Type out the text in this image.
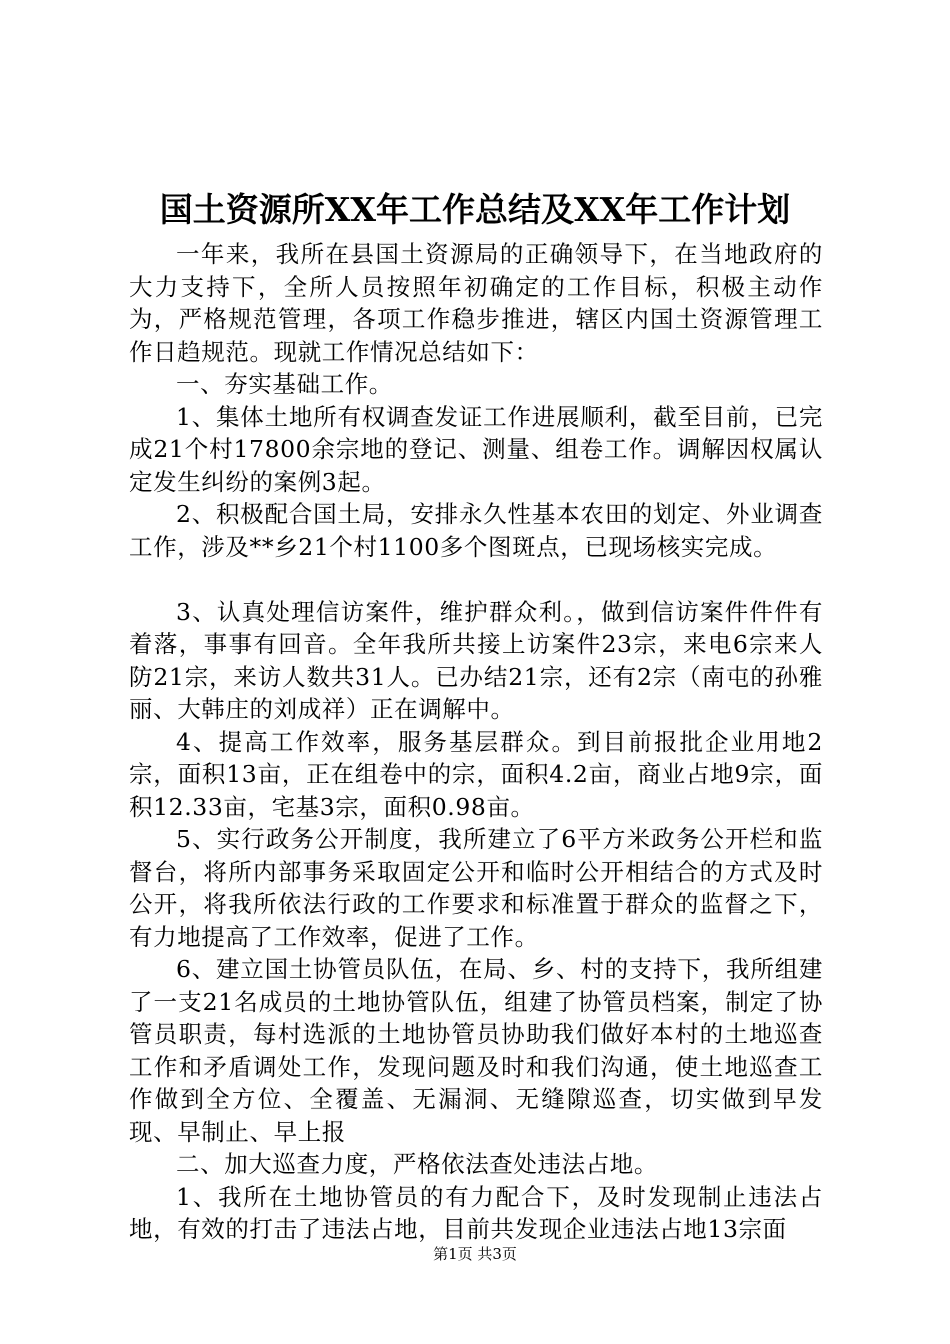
国土资源所XX年工作总结及XX年工作计划

一年来，我所在县国土资源局的正确领导下，在当地政府的大力支持下，全所人员按照年初确定的工作目标，积极主动作为，严格规范管理，各项工作稳步推进，辖区内国土资源管理工作日趋规范。现就工作情况总结如下：

一、夯实基础工作。

1、集体土地所有权调查发证工作进展顺利，截至目前，已完成21个村17800余宗地的登记、测量、组卷工作。调解因权属认定发生纠纷的案例3起。

2、积极配合国土局，安排永久性基本农田的划定、外业调查工作，涉及**乡21个村1100多个图斑点，已现场核实完成。

3、认真处理信访案件，维护群众利。，做到信访案件件件有着落，事事有回音。全年我所共接上访案件23宗，来电6宗来人防21宗，来访人数共31人。已办结21宗，还有2宗（南屯的孙雅丽、大韩庄的刘成祥）正在调解中。

4、提高工作效率，服务基层群众。到目前报批企业用地2宗，面积13亩，正在组卷中的宗，面积4.2亩，商业占地9宗，面积12.33亩，宅基3宗，面积0.98亩。

5、实行政务公开制度，我所建立了6平方米政务公开栏和监督台，将所内部事务采取固定公开和临时公开相结合的方式及时公开，将我所依法行政的工作要求和标准置于群众的监督之下，有力地提高了工作效率，促进了工作。

6、建立国土协管员队伍，在局、乡、村的支持下，我所组建了一支21名成员的土地协管队伍，组建了协管员档案，制定了协管员职责，每村选派的土地协管员协助我们做好本村的土地巡查工作和矛盾调处工作，发现问题及时和我们沟通，使土地巡查工作做到全方位、全覆盖、无漏洞、无缝隙巡查，切实做到早发现、早制止、早上报

二、加大巡查力度，严格依法查处违法占地。

1、我所在土地协管员的有力配合下，及时发现制止违法占地，有效的打击了违法占地，目前共发现企业违法占地13宗面

第1页 共3页
